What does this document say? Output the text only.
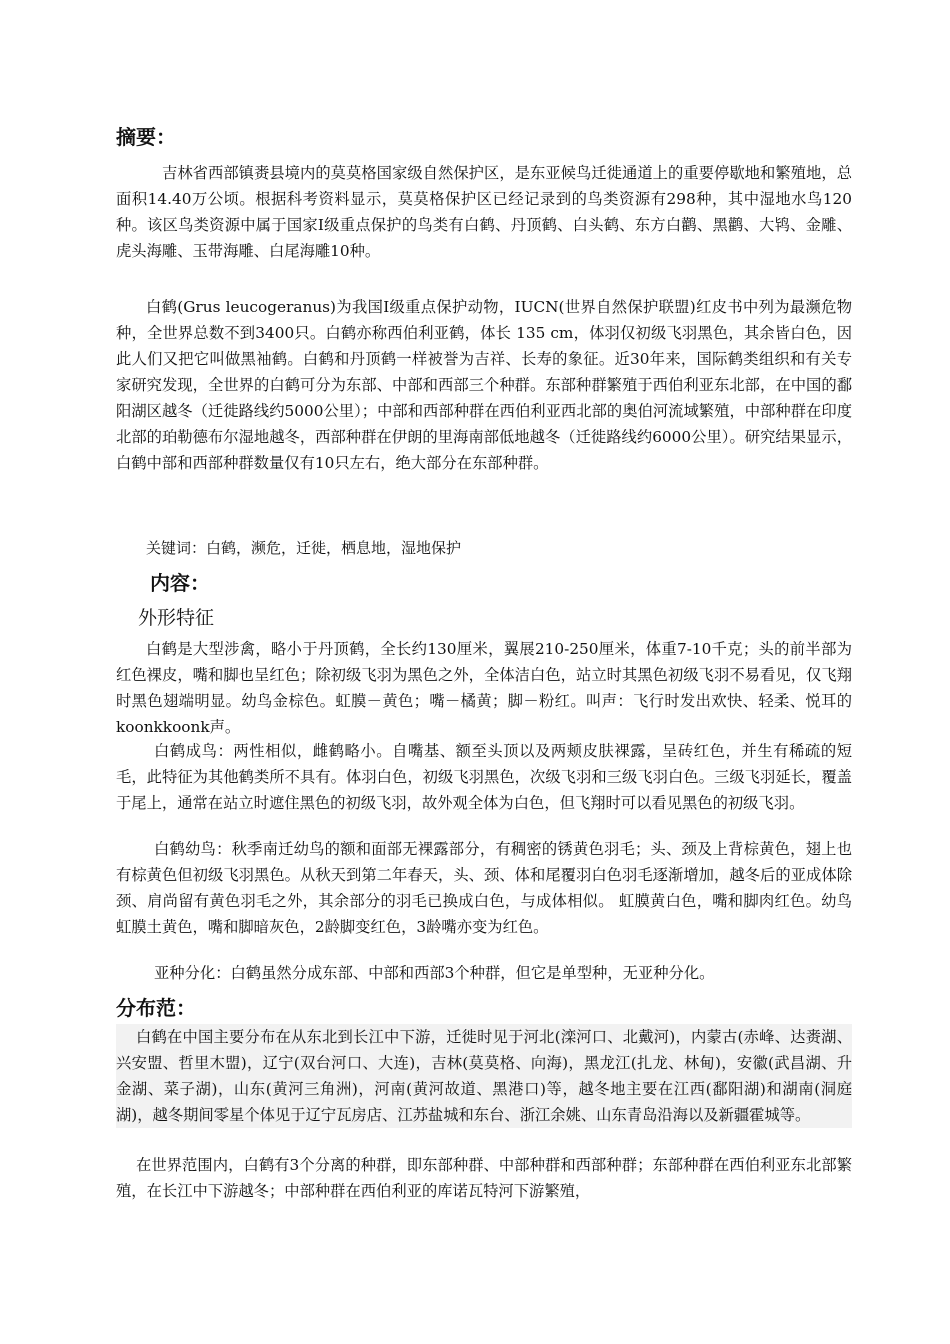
摘要：

吉林省西部镇赉县境内的莫莫格国家级自然保护区，是东亚候鸟迁徙通道上的重要停歇地和繁殖地，总面积14.40万公顷。根据科考资料显示，莫莫格保护区已经记录到的鸟类资源有298种，其中湿地水鸟120种。该区鸟类资源中属于国家Ⅰ级重点保护的鸟类有白鹤、丹顶鹤、白头鹤、东方白鹳、黑鹳、大鸨、金雕、虎头海雕、玉带海雕、白尾海雕10种。

白鹤(Grus leucogeranus)为我国Ⅰ级重点保护动物，IUCN(世界自然保护联盟)红皮书中列为最濒危物种，全世界总数不到3400只。白鹤亦称西伯利亚鹤，体长 135 cm，体羽仅初级飞羽黑色，其余皆白色，因此人们又把它叫做黑袖鹤。白鹤和丹顶鹤一样被誉为吉祥、长寿的象征。近30年来，国际鹤类组织和有关专家研究发现，全世界的白鹤可分为东部、中部和西部三个种群。东部种群繁殖于西伯利亚东北部，在中国的鄱阳湖区越冬（迁徙路线约5000公里）；中部和西部种群在西伯利亚西北部的奥伯河流域繁殖，中部种群在印度北部的珀勒德布尔湿地越冬，西部种群在伊朗的里海南部低地越冬（迁徙路线约6000公里）。研究结果显示，白鹤中部和西部种群数量仅有10只左右，绝大部分在东部种群。

关键词：白鹤，濒危，迁徙，栖息地，湿地保护
内容：
外形特征

白鹤是大型涉禽，略小于丹顶鹤，全长约130厘米，翼展210-250厘米，体重7-10千克；头的前半部为红色裸皮，嘴和脚也呈红色；除初级飞羽为黑色之外，全体洁白色，站立时其黑色初级飞羽不易看见，仅飞翔时黑色翅端明显。幼鸟金棕色。虹膜－黄色；嘴－橘黄；脚－粉红。叫声：飞行时发出欢快、轻柔、悦耳的koonkkoonk声。

白鹤成鸟：两性相似，雌鹤略小。自嘴基、额至头顶以及两颊皮肤裸露，呈砖红色，并生有稀疏的短毛，此特征为其他鹤类所不具有。体羽白色，初级飞羽黑色，次级飞羽和三级飞羽白色。三级飞羽延长，覆盖于尾上，通常在站立时遮住黑色的初级飞羽，故外观全体为白色，但飞翔时可以看见黑色的初级飞羽。

白鹤幼鸟：秋季南迁幼鸟的额和面部无裸露部分，有稠密的锈黄色羽毛；头、颈及上背棕黄色，翅上也有棕黄色但初级飞羽黑色。从秋天到第二年春天，头、颈、体和尾覆羽白色羽毛逐渐增加，越冬后的亚成体除颈、肩尚留有黄色羽毛之外，其余部分的羽毛已换成白色，与成体相似。 虹膜黄白色，嘴和脚肉红色。幼鸟虹膜土黄色，嘴和脚暗灰色，2龄脚变红色，3龄嘴亦变为红色。

亚种分化：白鹤虽然分成东部、中部和西部3个种群，但它是单型种，无亚种分化。

分布范：

白鹤在中国主要分布在从东北到长江中下游，迁徙时见于河北(滦河口、北戴河)，内蒙古(赤峰、达赉湖、兴安盟、哲里木盟)，辽宁(双台河口、大连)，吉林(莫莫格、向海)，黑龙江(扎龙、林甸)，安徽(武昌湖、升金湖、菜子湖)，山东(黄河三角洲)，河南(黄河故道、黑港口)等，越冬地主要在江西(鄱阳湖)和湖南(洞庭湖)，越冬期间零星个体见于辽宁瓦房店、江苏盐城和东台、浙江余姚、山东青岛沿海以及新疆霍城等。

在世界范围内，白鹤有3个分离的种群，即东部种群、中部种群和西部种群；东部种群在西伯利亚东北部繁殖，在长江中下游越冬；中部种群在西伯利亚的库诺瓦特河下游繁殖，
